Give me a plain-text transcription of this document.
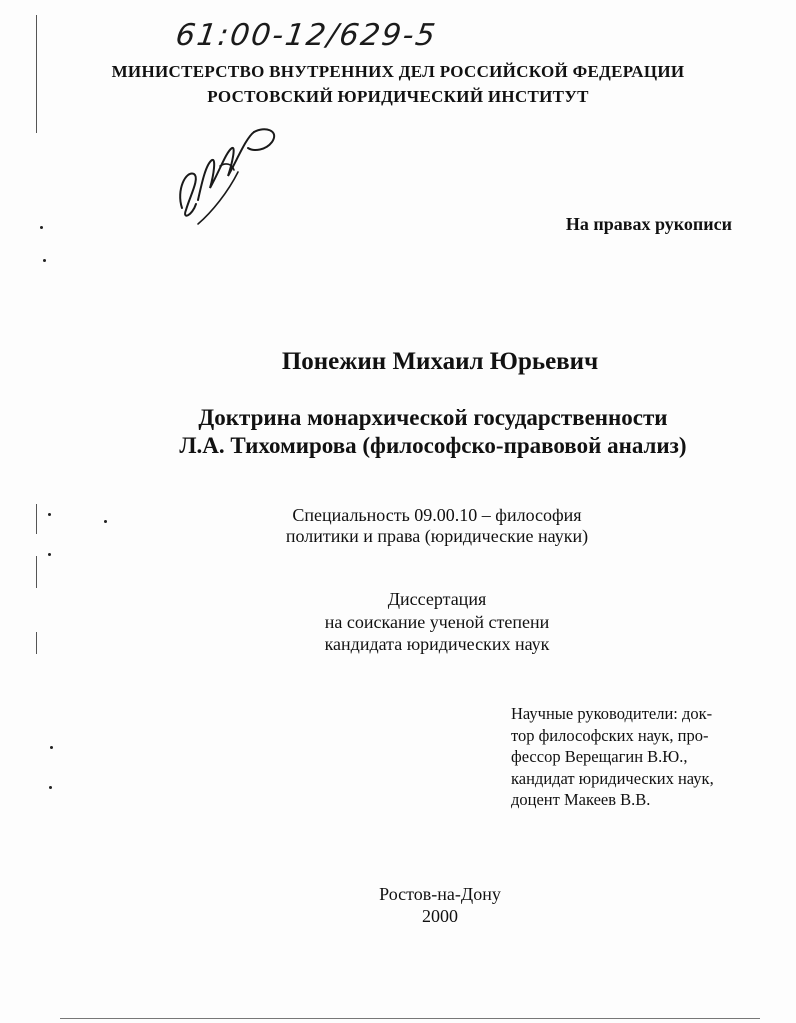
61:00-12/629-5
МИНИСТЕРСТВО ВНУТРЕННИХ ДЕЛ РОССИЙСКОЙ ФЕДЕРАЦИИ
РОСТОВСКИЙ ЮРИДИЧЕСКИЙ ИНСТИТУТ
На правах рукописи
Понежин Михаил Юрьевич
Доктрина монархической государственности
Л.А. Тихомирова (философско-правовой анализ)
Специальность 09.00.10 – философия
политики и права (юридические науки)
Диссертация
на соискание ученой степени
кандидата юридических наук
Научные руководители: док-
тор философских наук, про-
фессор Верещагин В.Ю.,
кандидат юридических наук,
доцент Макеев В.В.
Ростов-на-Дону
2000
